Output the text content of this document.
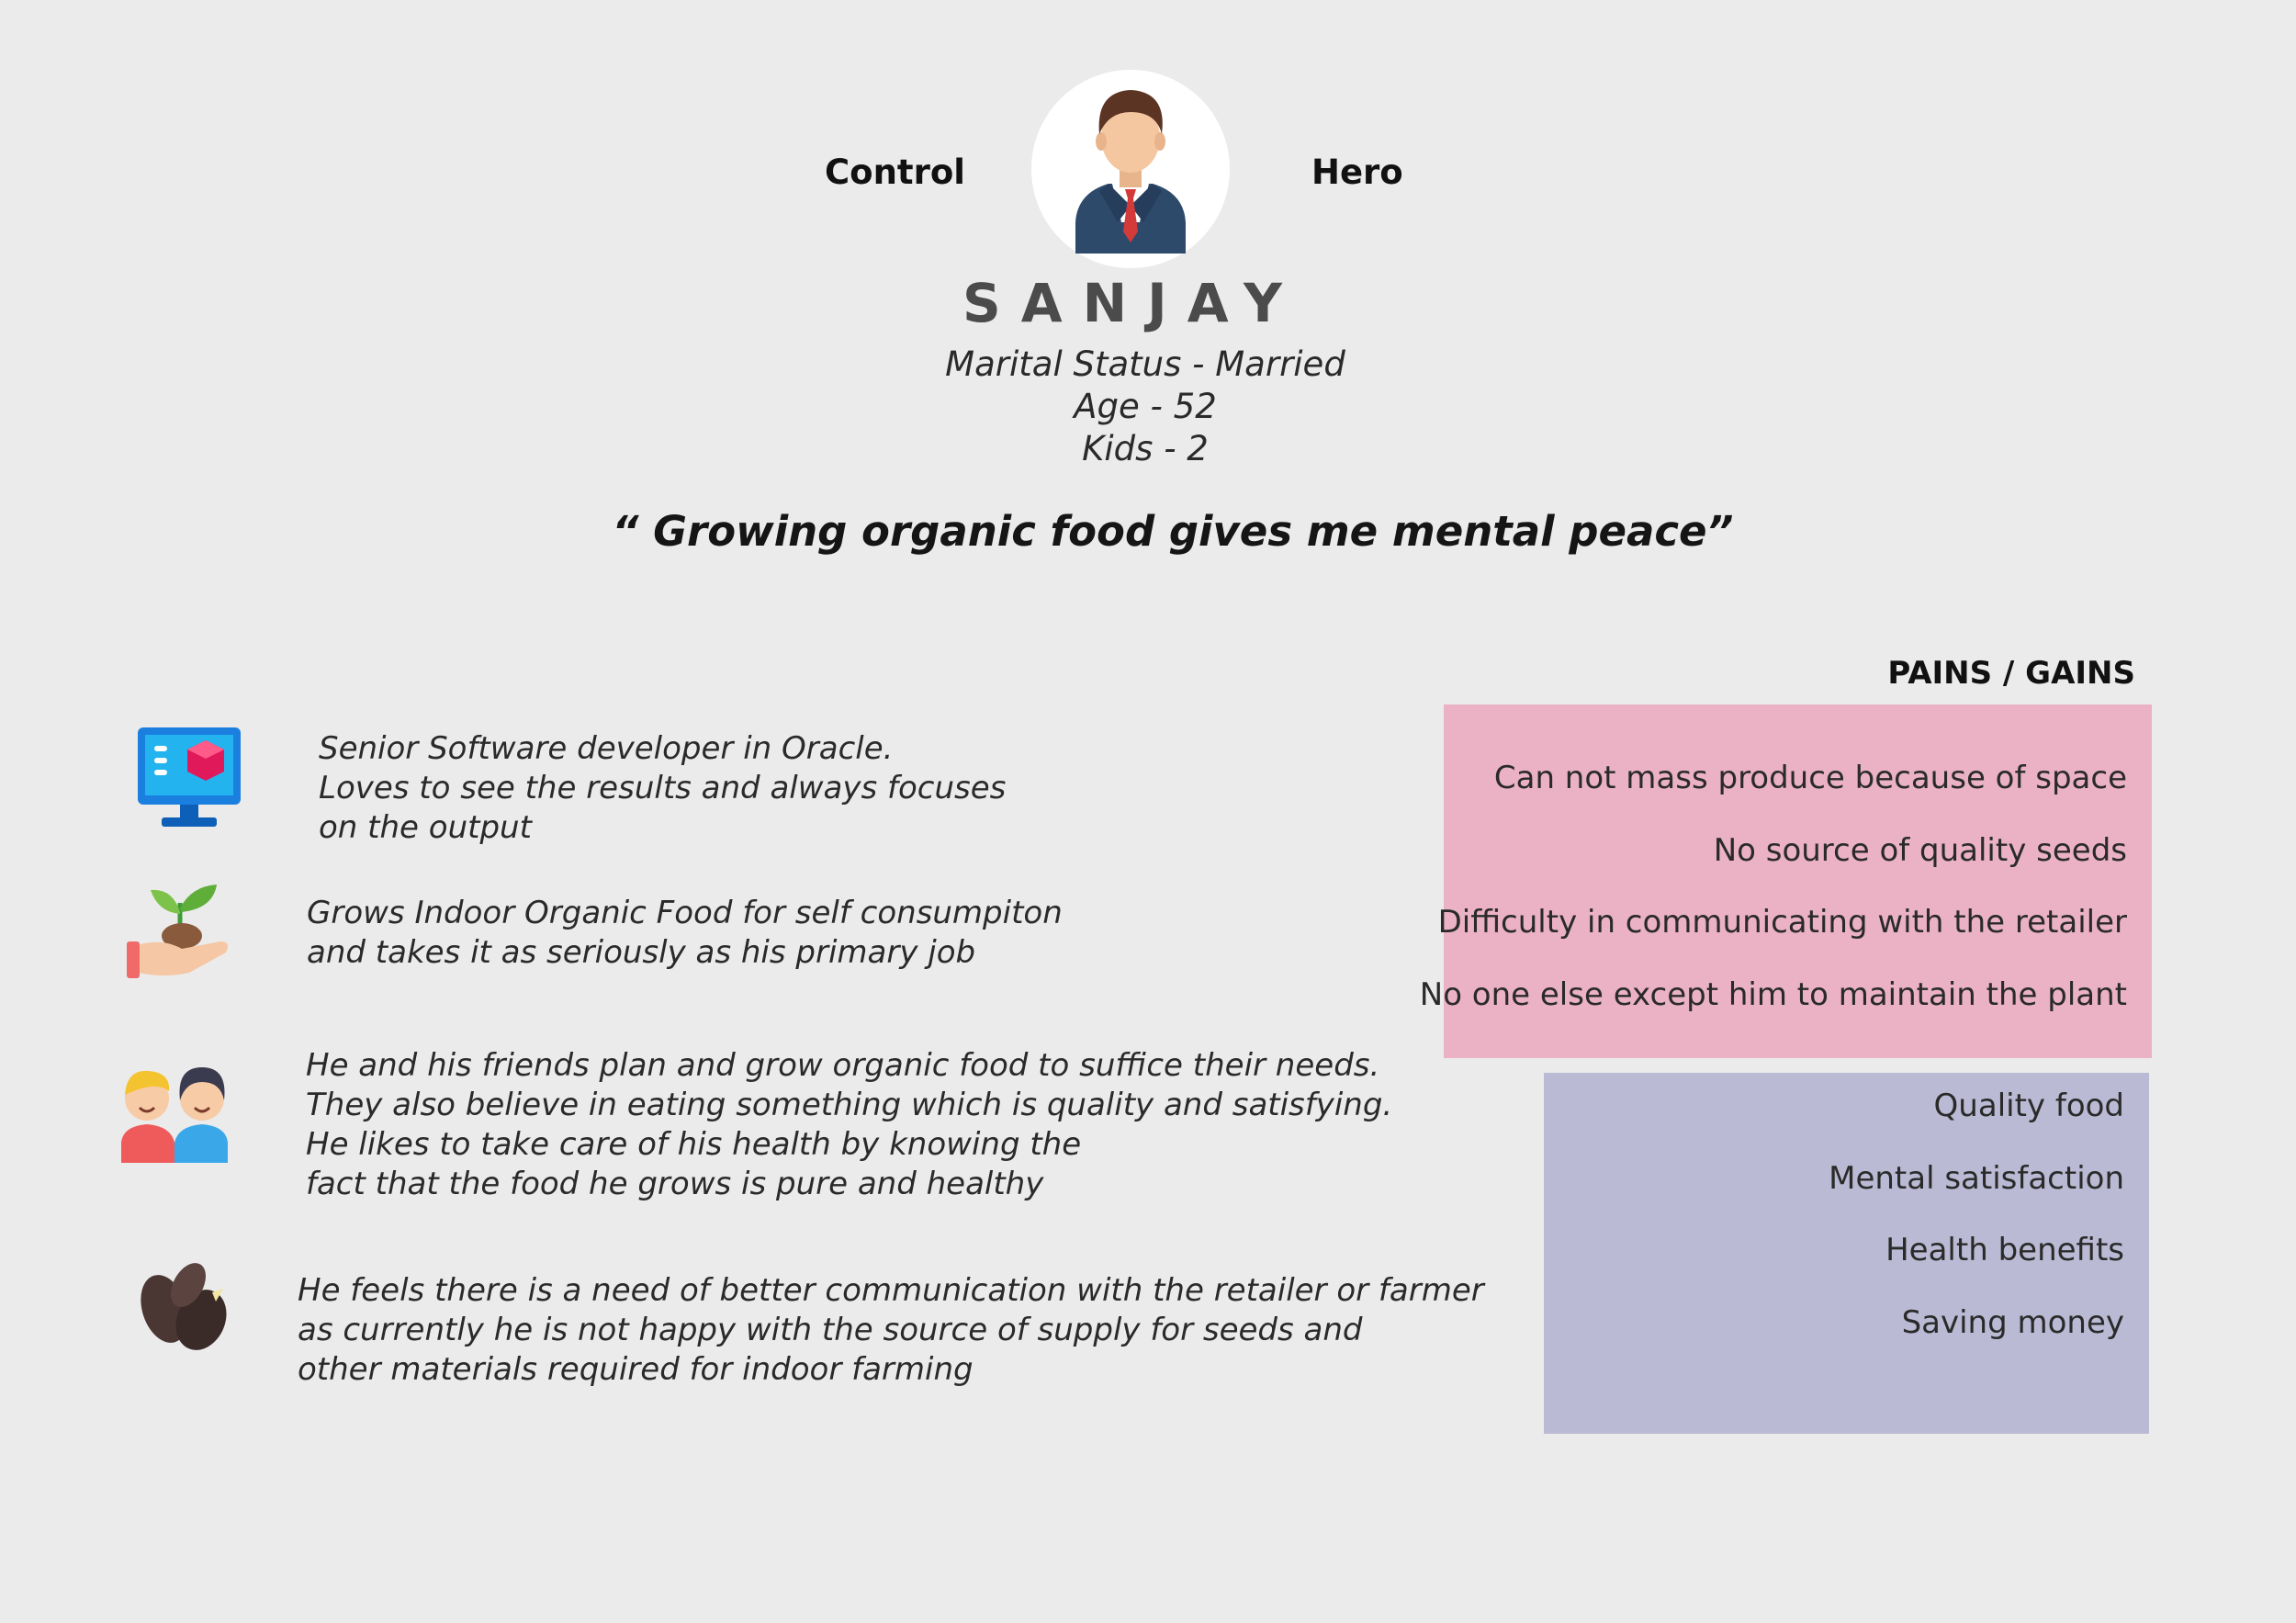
Control	Hero
SANJAY
Marital Status - Married
Age - 52
Kids - 2
“ Growing organic food gives me mental peace”
Senior Software developer in Oracle.
Loves to see the results and always focuses
on the output
Grows Indoor Organic Food for self consumpiton
and takes it as seriously as his primary job
He and his friends plan and grow organic food to suffice their needs.
They also believe in eating something which is quality and satisfying.
He likes to take care of his health by knowing the
fact that the food he grows is pure and healthy
He feels there is a need of better communication with the retailer or farmer
as currently he is not happy with the source of supply for seeds and
other materials required for indoor farming
PAINS / GAINS
Can not mass produce because of space
No source of quality seeds
Difficulty in communicating with the retailer
No one else except him to maintain the plant
Quality food
Mental satisfaction
Health benefits
Saving money
